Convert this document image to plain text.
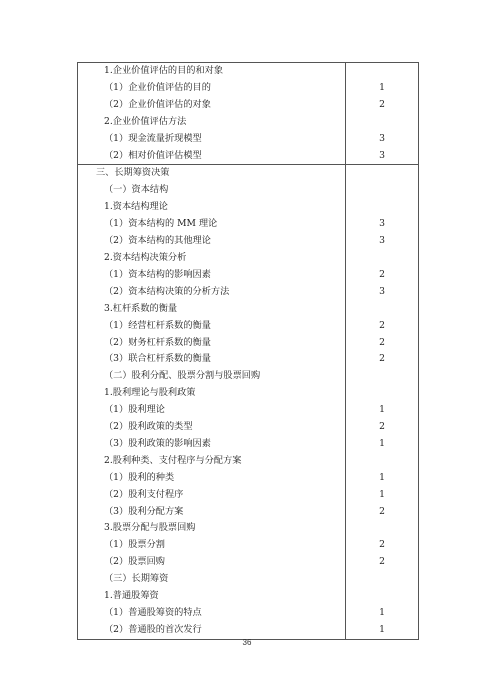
1.企业价值评估的目的和对象	
（1）企业价值评估的目的	1
（2）企业价值评估的对象	2
2.企业价值评估方法	
（1）现金流量折现模型	3
（2）相对价值评估模型	3
三、长期筹资决策	
（一）资本结构	
1.资本结构理论	
（1）资本结构的 MM 理论	3
（2）资本结构的其他理论	3
2.资本结构决策分析	
（1）资本结构的影响因素	2
（2）资本结构决策的分析方法	3
3.杠杆系数的衡量	
（1）经营杠杆系数的衡量	2
（2）财务杠杆系数的衡量	2
（3）联合杠杆系数的衡量	2
（二）股利分配、股票分割与股票回购	
1.股利理论与股利政策	
（1）股利理论	1
（2）股利政策的类型	2
（3）股利政策的影响因素	1
2.股利种类、支付程序与分配方案	
（1）股利的种类	1
（2）股利支付程序	1
（3）股利分配方案	2
3.股票分配与股票回购	
（1）股票分割	2
（2）股票回购	2
（三）长期筹资	
1.普通股筹资	
（1）普通股筹资的特点	1
（2）普通股的首次发行	1
36
